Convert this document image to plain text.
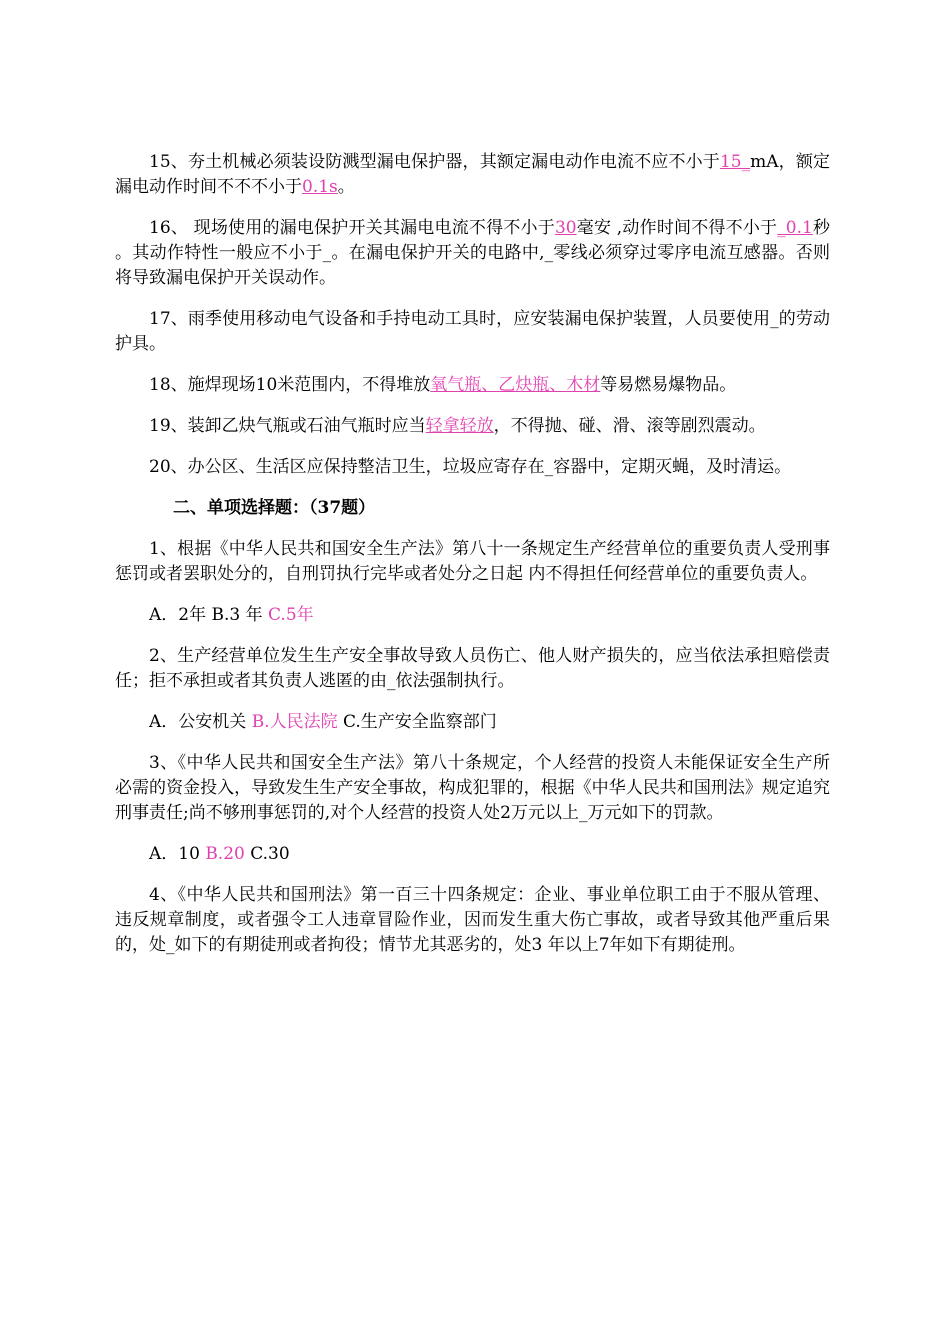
15、夯土机械必须装设防溅型漏电保护器，其额定漏电动作电流不应不小于15_mA，额定漏电动作时间不不不小于0.1s。

16、 现场使用的漏电保护开关其漏电电流不得不小于30毫安 ,动作时间不得不小于_0.1秒 。其动作特性一般应不小于_。在漏电保护开关的电路中,_零线必须穿过零序电流互感器。否则将导致漏电保护开关误动作。

17、雨季使用移动电气设备和手持电动工具时，应安装漏电保护装置，人员要使用_的劳动护具。

18、施焊现场10米范围内，不得堆放氧气瓶、乙炔瓶、木材等易燃易爆物品。

19、装卸乙炔气瓶或石油气瓶时应当轻拿轻放，不得抛、碰、滑、滚等剧烈震动。

20、办公区、生活区应保持整洁卫生，垃圾应寄存在_容器中，定期灭蝇，及时清运。

二、单项选择题：（37题）

1、根据《中华人民共和国安全生产法》第八十一条规定生产经营单位的重要负责人受刑事惩罚或者罢职处分的，自刑罚执行完毕或者处分之日起 内不得担任何经营单位的重要负责人。

A．2年 B.3 年 C.5年

2、生产经营单位发生生产安全事故导致人员伤亡、他人财产损失的，应当依法承担赔偿责任；拒不承担或者其负责人逃匿的由_依法强制执行。

A．公安机关 B.人民法院 C.生产安全监察部门

3、《中华人民共和国安全生产法》第八十条规定，个人经营的投资人未能保证安全生产所必需的资金投入，导致发生生产安全事故，构成犯罪的，根据《中华人民共和国刑法》规定追究刑事责任;尚不够刑事惩罚的,对个人经营的投资人处2万元以上_万元如下的罚款。

A．10 B.20 C.30

4、《中华人民共和国刑法》第一百三十四条规定：企业、事业单位职工由于不服从管理、违反规章制度，或者强令工人违章冒险作业，因而发生重大伤亡事故，或者导致其他严重后果的，处_如下的有期徒刑或者拘役；情节尤其恶劣的，处3 年以上7年如下有期徒刑。
